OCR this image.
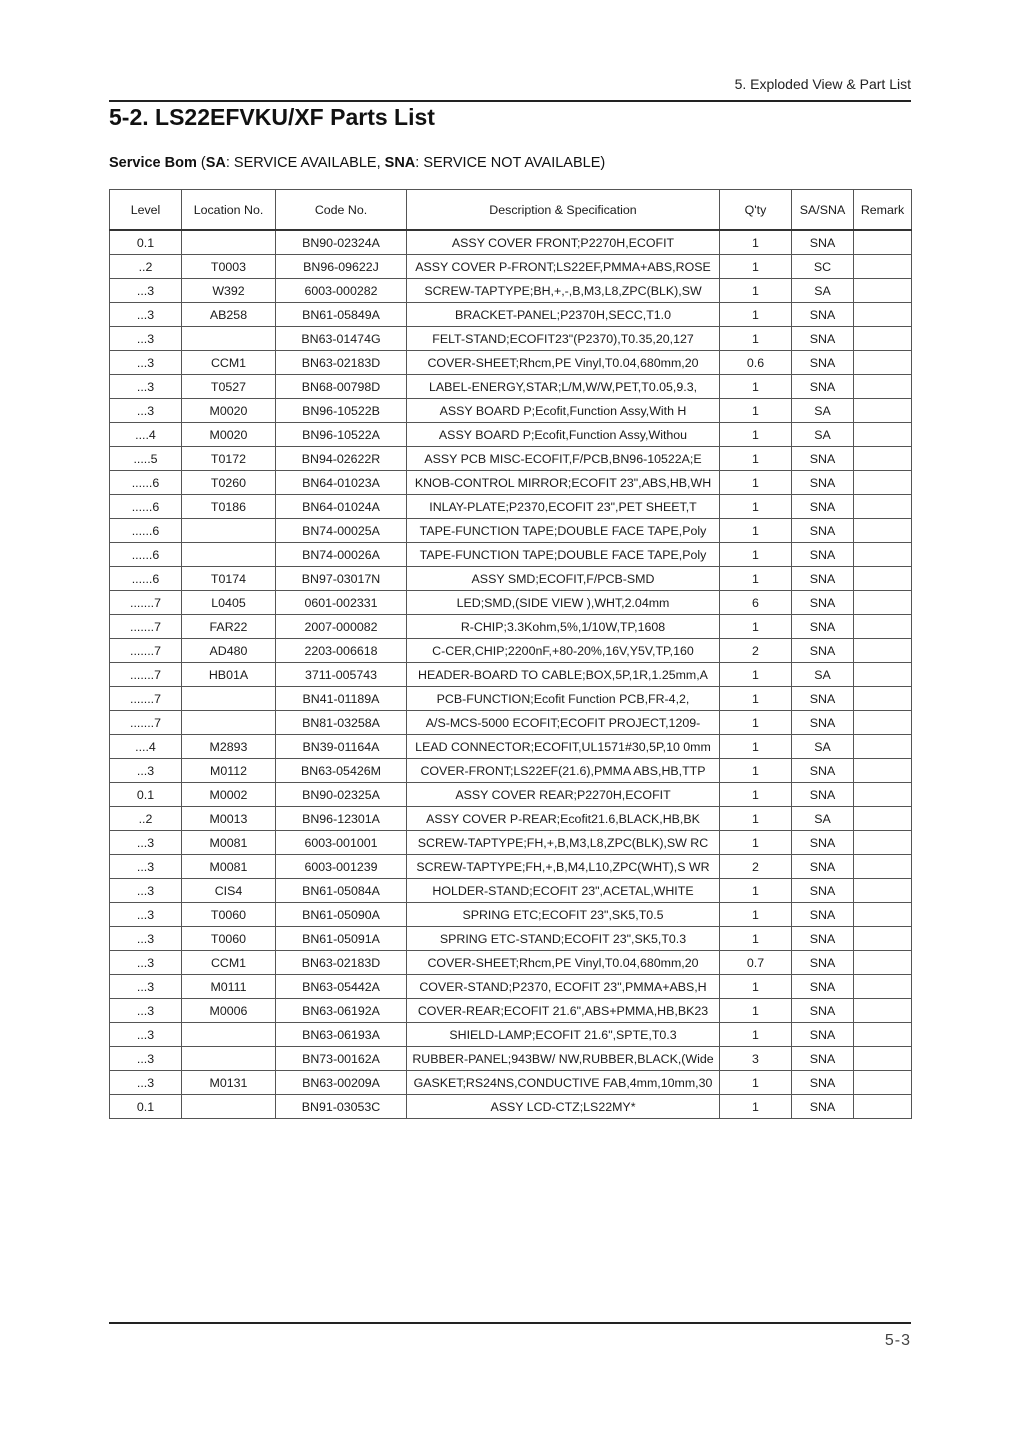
5. Exploded View & Part List
5-2. LS22EFVKU/XF Parts List
Service Bom (SA: SERVICE AVAILABLE, SNA: SERVICE NOT AVAILABLE)
Level	Location No.	Code No.	Description & Specification	Q'ty	SA/SNA	Remark
0.1		BN90-02324A	ASSY COVER FRONT;P2270H,ECOFIT	1	SNA	
..2	T0003	BN96-09622J	ASSY COVER P-FRONT;LS22EF,PMMA+ABS,ROSE	1	SC	
...3	W392	6003-000282	SCREW-TAPTYPE;BH,+,-,B,M3,L8,ZPC(BLK),SW	1	SA	
...3	AB258	BN61-05849A	BRACKET-PANEL;P2370H,SECC,T1.0	1	SNA	
...3		BN63-01474G	FELT-STAND;ECOFIT23"(P2370),T0.35,20,127	1	SNA	
...3	CCM1	BN63-02183D	COVER-SHEET;Rhcm,PE Vinyl,T0.04,680mm,20	0.6	SNA	
...3	T0527	BN68-00798D	LABEL-ENERGY,STAR;L/M,W/W,PET,T0.05,9.3,	1	SNA	
...3	M0020	BN96-10522B	ASSY BOARD P;Ecofit,Function Assy,With H	1	SA	
....4	M0020	BN96-10522A	ASSY BOARD P;Ecofit,Function Assy,Withou	1	SA	
.....5	T0172	BN94-02622R	ASSY PCB MISC-ECOFIT,F/PCB,BN96-10522A;E	1	SNA	
......6	T0260	BN64-01023A	KNOB-CONTROL MIRROR;ECOFIT 23",ABS,HB,WH	1	SNA	
......6	T0186	BN64-01024A	INLAY-PLATE;P2370,ECOFIT 23",PET SHEET,T	1	SNA	
......6		BN74-00025A	TAPE-FUNCTION TAPE;DOUBLE FACE TAPE,Poly	1	SNA	
......6		BN74-00026A	TAPE-FUNCTION TAPE;DOUBLE FACE TAPE,Poly	1	SNA	
......6	T0174	BN97-03017N	ASSY SMD;ECOFIT,F/PCB-SMD	1	SNA	
.......7	L0405	0601-002331	LED;SMD,(SIDE VIEW ),WHT,2.04mm	6	SNA	
.......7	FAR22	2007-000082	R-CHIP;3.3Kohm,5%,1/10W,TP,1608	1	SNA	
.......7	AD480	2203-006618	C-CER,CHIP;2200nF,+80-20%,16V,Y5V,TP,160	2	SNA	
.......7	HB01A	3711-005743	HEADER-BOARD TO CABLE;BOX,5P,1R,1.25mm,A	1	SA	
.......7		BN41-01189A	PCB-FUNCTION;Ecofit Function PCB,FR-4,2,	1	SNA	
.......7		BN81-03258A	A/S-MCS-5000 ECOFIT;ECOFIT PROJECT,1209-	1	SNA	
....4	M2893	BN39-01164A	LEAD CONNECTOR;ECOFIT,UL1571#30,5P,10 0mm	1	SA	
...3	M0112	BN63-05426M	COVER-FRONT;LS22EF(21.6),PMMA ABS,HB,TTP	1	SNA	
0.1	M0002	BN90-02325A	ASSY COVER REAR;P2270H,ECOFIT	1	SNA	
..2	M0013	BN96-12301A	ASSY COVER P-REAR;Ecofit21.6,BLACK,HB,BK	1	SA	
...3	M0081	6003-001001	SCREW-TAPTYPE;FH,+,B,M3,L8,ZPC(BLK),SW RC	1	SNA	
...3	M0081	6003-001239	SCREW-TAPTYPE;FH,+,B,M4,L10,ZPC(WHT),S WR	2	SNA	
...3	CIS4	BN61-05084A	HOLDER-STAND;ECOFIT 23",ACETAL,WHITE	1	SNA	
...3	T0060	BN61-05090A	SPRING ETC;ECOFIT 23",SK5,T0.5	1	SNA	
...3	T0060	BN61-05091A	SPRING ETC-STAND;ECOFIT 23",SK5,T0.3	1	SNA	
...3	CCM1	BN63-02183D	COVER-SHEET;Rhcm,PE Vinyl,T0.04,680mm,20	0.7	SNA	
...3	M0111	BN63-05442A	COVER-STAND;P2370, ECOFIT 23",PMMA+ABS,H	1	SNA	
...3	M0006	BN63-06192A	COVER-REAR;ECOFIT 21.6",ABS+PMMA,HB,BK23	1	SNA	
...3		BN63-06193A	SHIELD-LAMP;ECOFIT 21.6",SPTE,T0.3	1	SNA	
...3		BN73-00162A	RUBBER-PANEL;943BW/ NW,RUBBER,BLACK,(Wide	3	SNA	
...3	M0131	BN63-00209A	GASKET;RS24NS,CONDUCTIVE FAB,4mm,10mm,30	1	SNA	
0.1		BN91-03053C	ASSY LCD-CTZ;LS22MY*	1	SNA	
5-3
